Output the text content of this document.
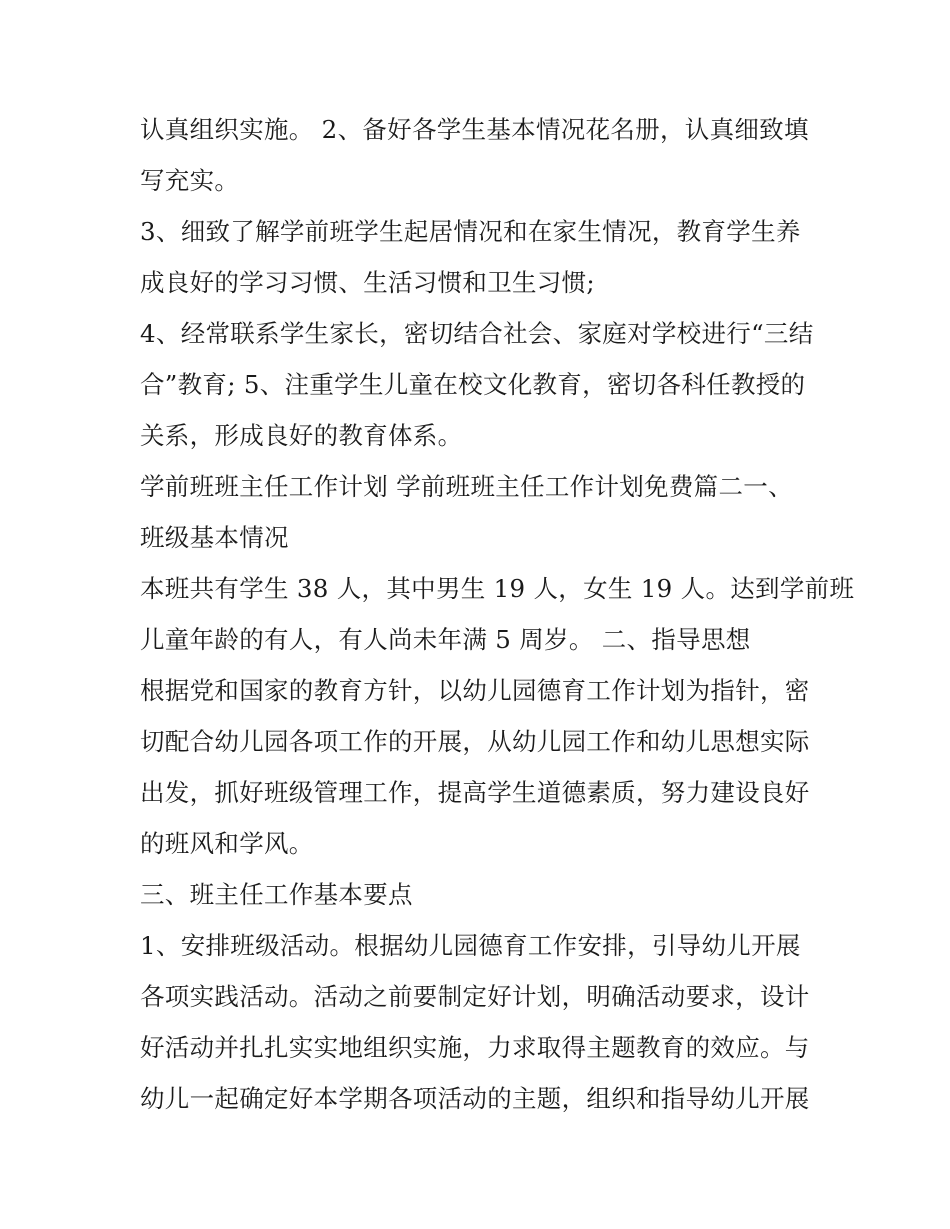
认真组织实施。 2、备好各学生基本情况花名册，认真细致填
写充实。
3、细致了解学前班学生起居情况和在家生情况，教育学生养
成良好的学习习惯、生活习惯和卫生习惯;
4、经常联系学生家长，密切结合社会、家庭对学校进行“三结
合”教育; 5、注重学生儿童在校文化教育，密切各科任教授的
关系，形成良好的教育体系。
学前班班主任工作计划 学前班班主任工作计划免费篇二一、
班级基本情况
本班共有学生 38 人，其中男生 19 人，女生 19 人。达到学前班
儿童年龄的有人，有人尚未年满 5 周岁。 二、指导思想
根据党和国家的教育方针，以幼儿园德育工作计划为指针，密
切配合幼儿园各项工作的开展，从幼儿园工作和幼儿思想实际
出发，抓好班级管理工作，提高学生道德素质，努力建设良好
的班风和学风。
三、班主任工作基本要点
1、安排班级活动。根据幼儿园德育工作安排，引导幼儿开展
各项实践活动。活动之前要制定好计划，明确活动要求，设计
好活动并扎扎实实地组织实施，力求取得主题教育的效应。与
幼儿一起确定好本学期各项活动的主题，组织和指导幼儿开展
